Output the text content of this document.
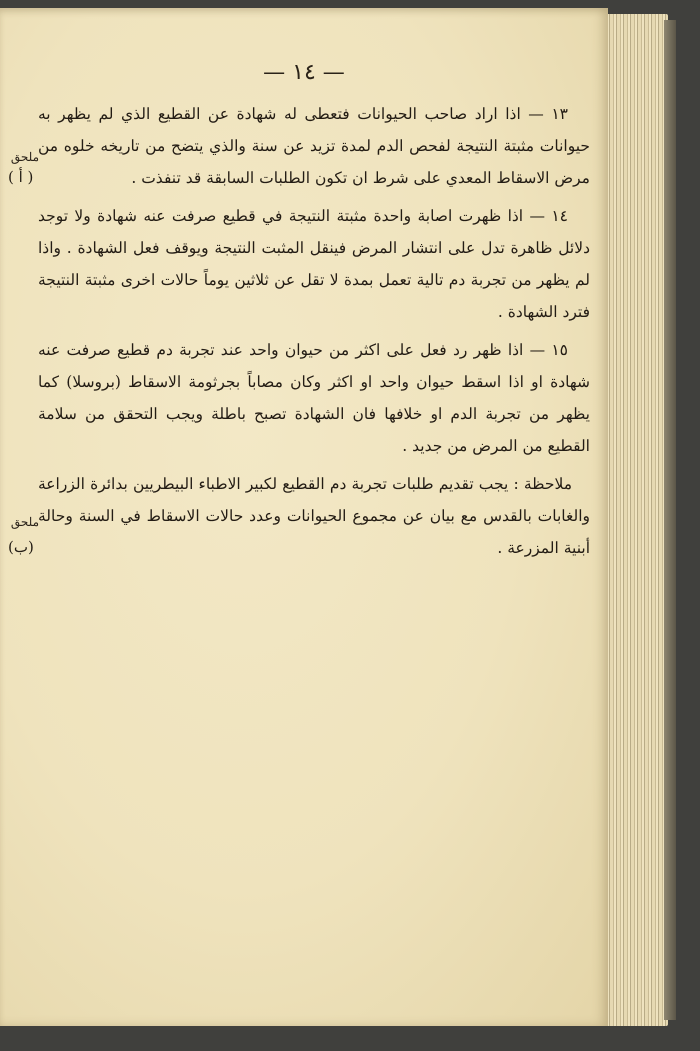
— ١٤ —
ملحق
( أ )
ملحق
(ب)

١٣ — اذا اراد صاحب الحيوانات فتعطى له شهادة عن القطيع الذي لم يظهر به حيوانات مثبتة النتيجة لفحص الدم لمدة تزيد عن سنة والذي يتضح من تاريخه خلوه من مرض الاسقاط المعدي على شرط ان تكون الطلبات السابقة قد تنفذت .

١٤ — اذا ظهرت اصابة واحدة مثبتة النتيجة في قطيع صرفت عنه شهادة ولا توجد دلائل ظاهرة تدل على انتشار المرض فينقل المثبت النتيجة ويوقف فعل الشهادة . واذا لم يظهر من تجربة دم تالية تعمل بمدة لا تقل عن ثلاثين يوماً حالات اخرى مثبتة النتيجة فترد الشهادة .

١٥ — اذا ظهر رد فعل على اكثر من حيوان واحد عند تجربة دم قطيع صرفت عنه شهادة او اذا اسقط حيوان واحد او اكثر وكان مصاباً بجرثومة الاسقاط (بروسلا) كما يظهر من تجربة الدم او خلافها فان الشهادة تصبح باطلة ويجب التحقق من سلامة القطيع من المرض من جديد .

ملاحظة : يجب تقديم طلبات تجربة دم القطيع لكبير الاطباء البيطريين بدائرة الزراعة والغابات بالقدس مع بيان عن مجموع الحيوانات وعدد حالات الاسقاط في السنة وحالة أبنية المزرعة .
